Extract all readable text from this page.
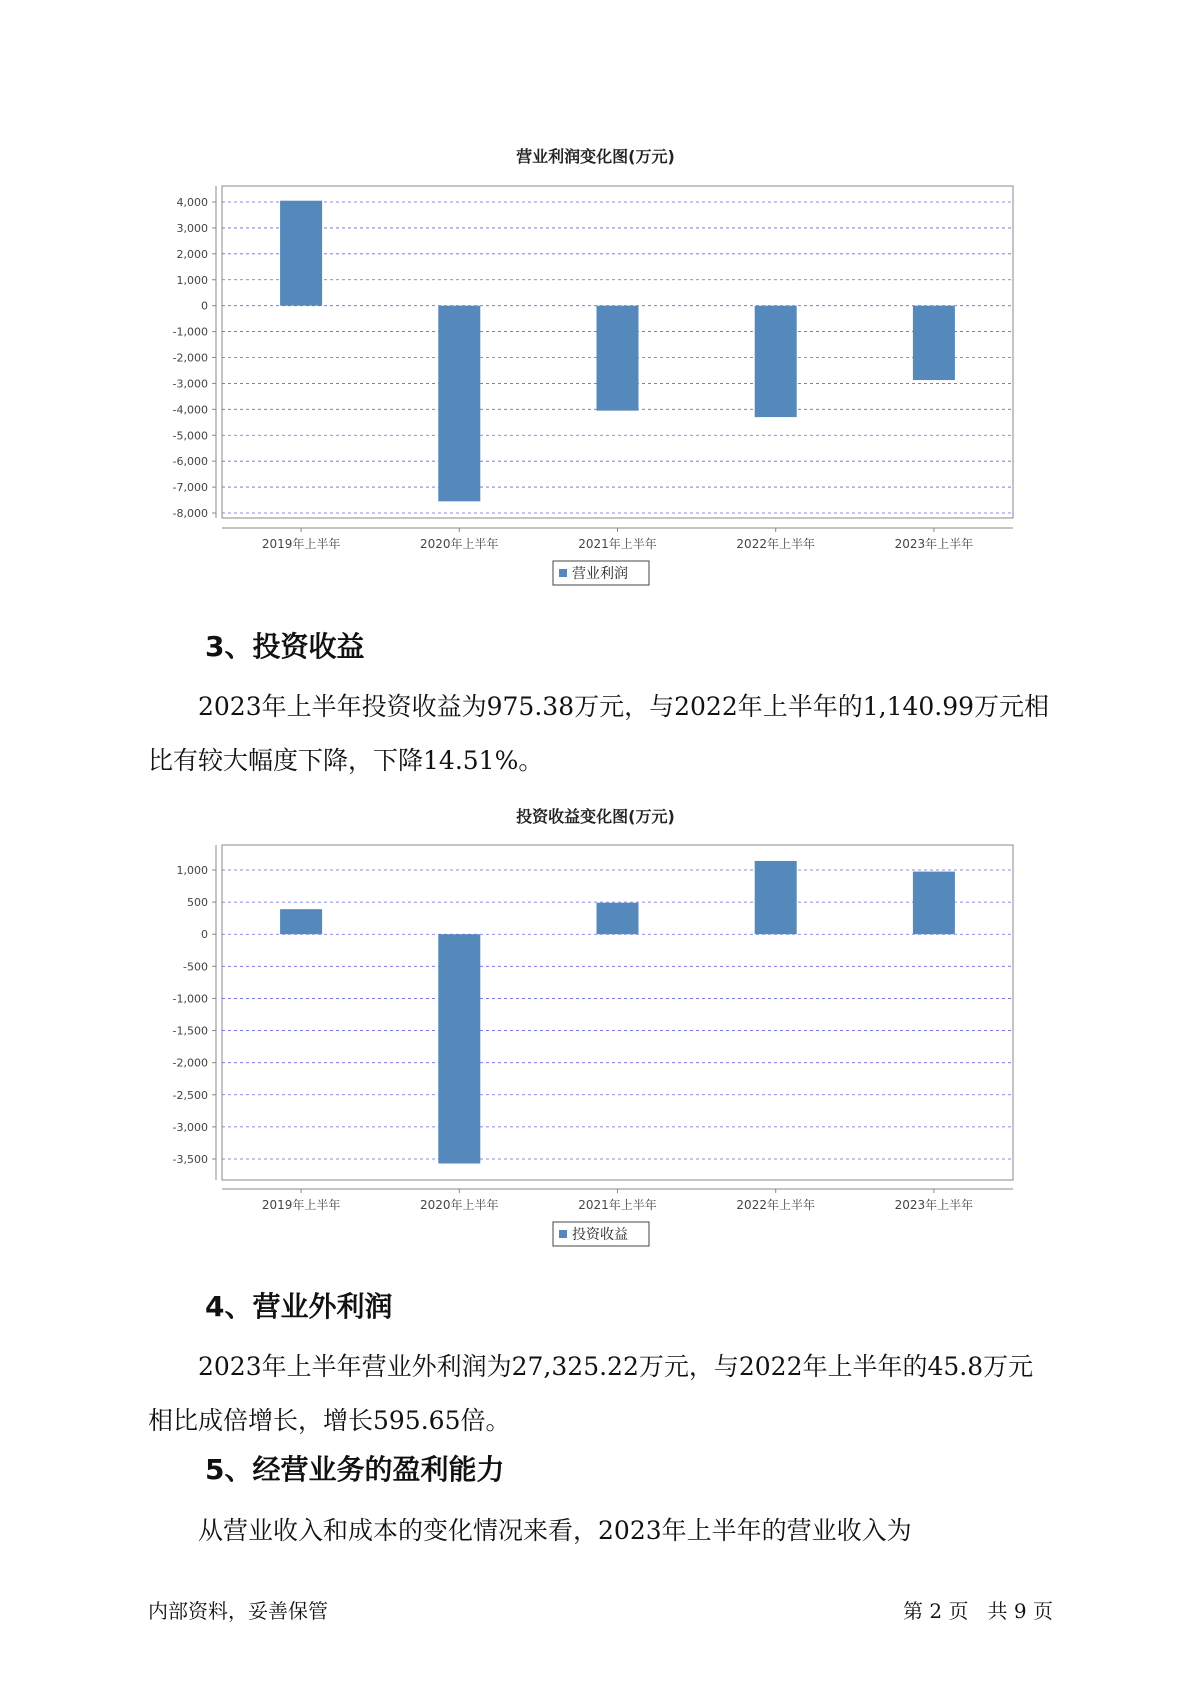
营业利润变化图(万元)
4,000
3,000
2,000
1,000
0
-1,000
-2,000
-3,000
-4,000
-5,000
-6,000
-7,000
-8,000
2019年上半年	2020年上半年	2021年上半年	2022年上半年	2023年上半年
营业利润
3、投资收益

2023年上半年投资收益为975.38万元，与2022年上半年的1,140.99万元相比有较大幅度下降，下降14.51%。

投资收益变化图(万元)
1,000
500
0
-500
-1,000
-1,500
-2,000
-2,500
-3,000
-3,500
2019年上半年	2020年上半年	2021年上半年	2022年上半年	2023年上半年
投资收益
4、营业外利润

2023年上半年营业外利润为27,325.22万元，与2022年上半年的45.8万元相比成倍增长，增长595.65倍。

5、经营业务的盈利能力

从营业收入和成本的变化情况来看，2023年上半年的营业收入为

内部资料，妥善保管	第 2 页   共 9 页
